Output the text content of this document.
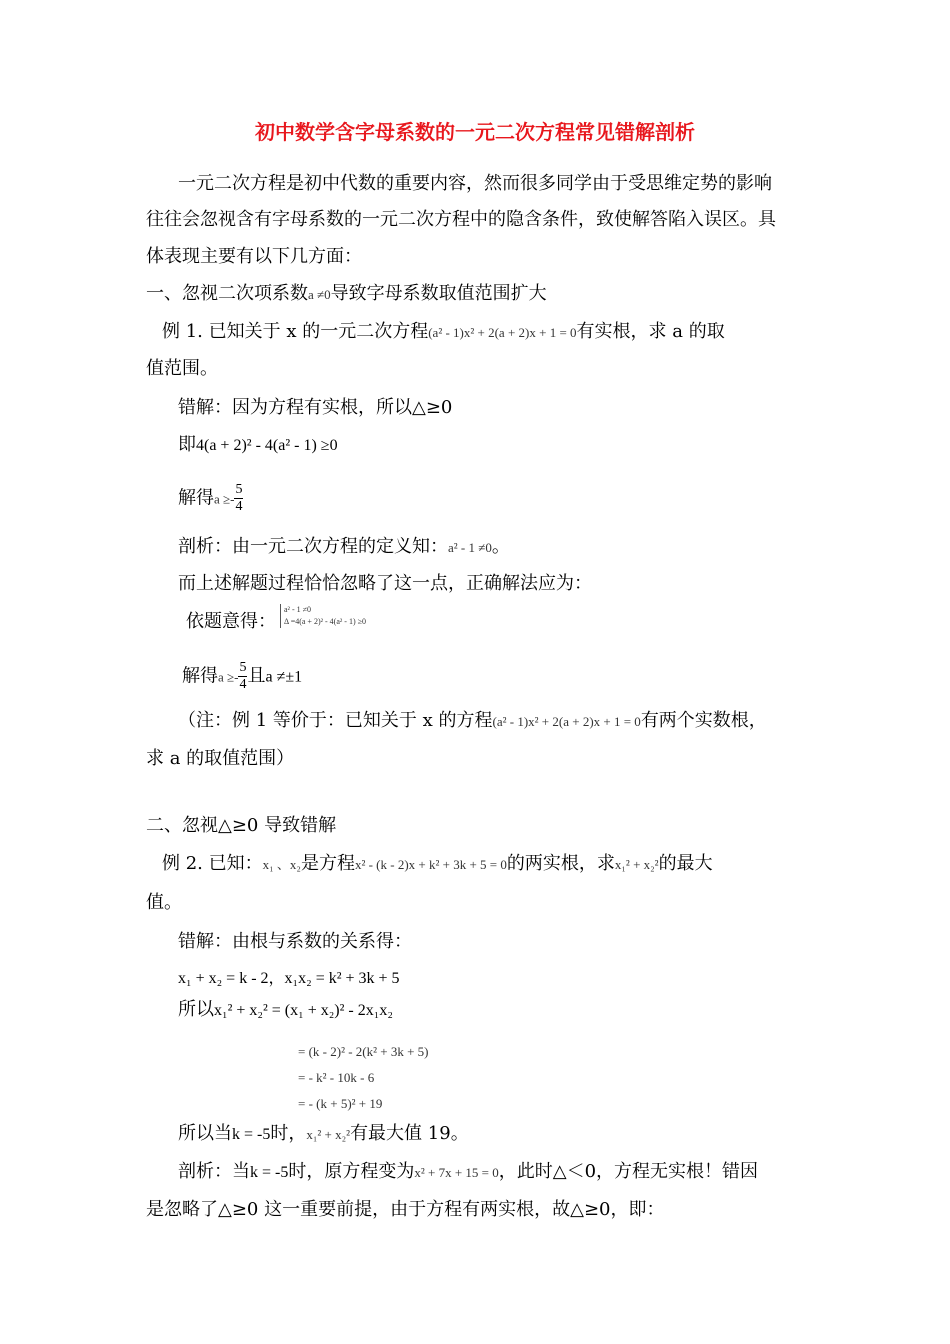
初中数学含字母系数的一元二次方程常见错解剖析
一元二次方程是初中代数的重要内容，然而很多同学由于受思维定势的影响
往往会忽视含有字母系数的一元二次方程中的隐含条件，致使解答陷入误区。具
体表现主要有以下几方面：
一、忽视二次项系数a ≠0导致字母系数取值范围扩大
例 1. 已知关于 x 的一元二次方程(a² - 1)x² + 2(a + 2)x + 1 = 0有实根，求 a 的取
值范围。
错解：因为方程有实根，所以△≥0
即4(a + 2)² - 4(a² - 1) ≥0
解得$a \ge- \frac{5}{4}$
剖析：由一元二次方程的定义知：a² - 1 ≠0。
而上述解题过程恰恰忽略了这一点，正确解法应为：
依题意得：
a² - 1 ≠0
Δ =4(a + 2)² - 4(a² - 1) ≥0
解得$a \ge- \frac{5}{4}$ 且a ≠±1
（注：例 1 等价于：已知关于 x 的方程(a² - 1)x² + 2(a + 2)x + 1 = 0有两个实数根，
求 a 的取值范围）
二、忽视△≥0 导致错解
例 2. 已知：x₁ 、x₂是方程x² - (k - 2)x + k² + 3k + 5 = 0的两实根，求x₁² + x₂²的最大
值。
错解：由根与系数的关系得：
x₁ + x₂ = k - 2，x₁x₂ = k² + 3k + 5
所以x₁² + x₂² = (x₁ + x₂)² - 2x₁x₂
= (k - 2)² - 2(k² + 3k + 5)
= - k² - 10k - 6
= - (k + 5)² + 19
所以当k = -5时，x₁² + x₂²有最大值 19。
剖析：当k = -5时，原方程变为x² + 7x + 15 = 0，此时△＜0，方程无实根！错因
是忽略了△≥0 这一重要前提，由于方程有两实根，故△≥0，即：
